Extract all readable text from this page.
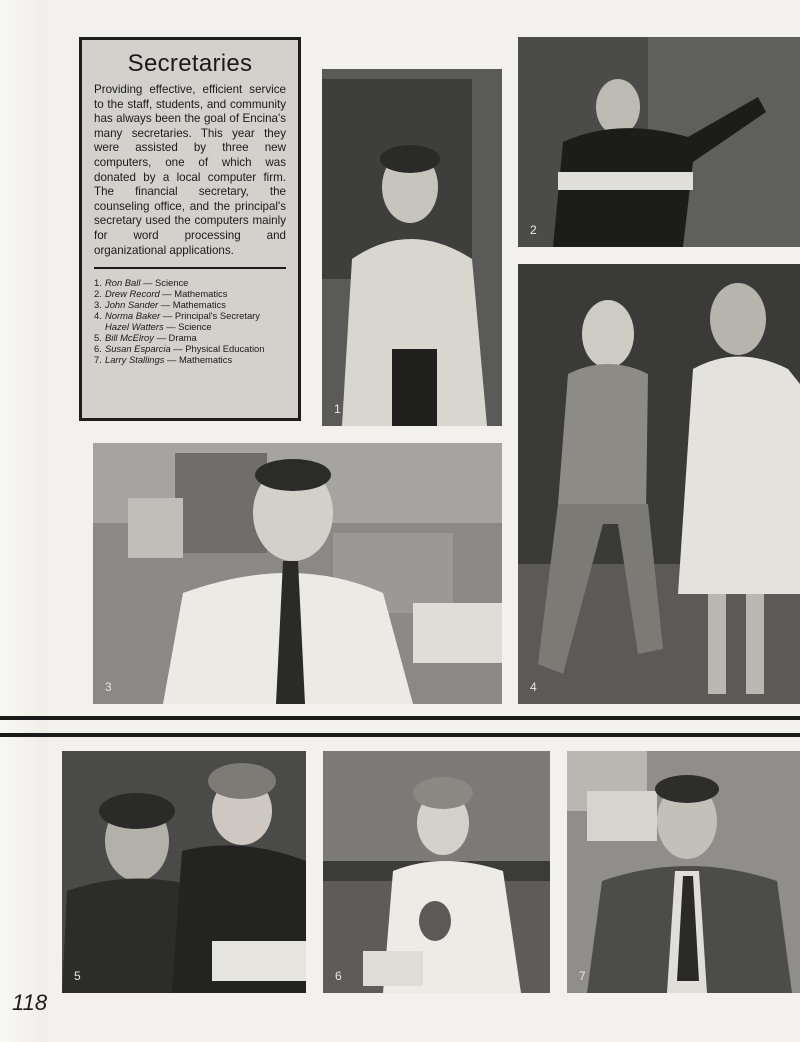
Secretaries

Providing effective, efficient service to the staff, students, and community has always been the goal of Encina's many secretaries. This year they were assisted by three new computers, one of which was donated by a local computer firm. The financial secretary, the counseling office, and the principal's secretary used the computers mainly for word processing and organizational applications.

1. Ron Ball — Science
2. Drew Record — Mathematics
3. John Sander — Mathematics
4. Norma Baker — Principal's Secretary
Hazel Watters — Science
5. Bill McElroy — Drama
6. Susan Esparcia — Physical Education
7. Larry Stallings — Mathematics
1
2
3	4
5	6	7
118
